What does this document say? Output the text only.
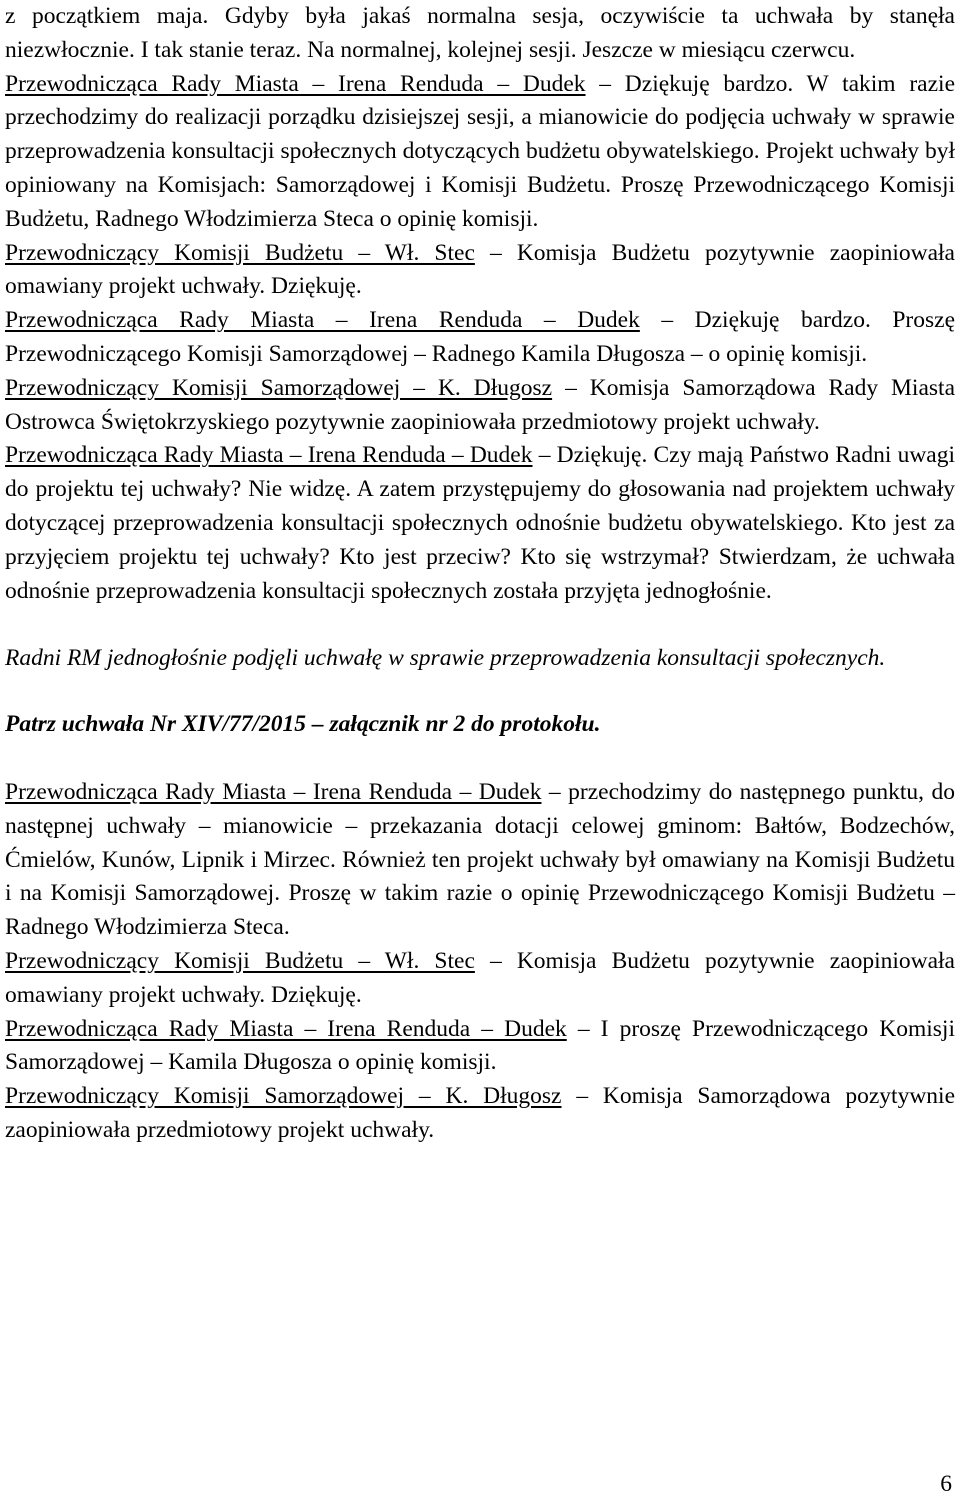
z początkiem maja. Gdyby była jakaś normalna sesja, oczywiście ta uchwała by stanęła niezwłocznie. I tak stanie teraz. Na normalnej, kolejnej sesji. Jeszcze w miesiącu czerwcu.

Przewodnicząca Rady Miasta – Irena Renduda – Dudek – Dziękuję bardzo. W takim razie przechodzimy do realizacji porządku dzisiejszej sesji, a mianowicie do podjęcia uchwały w sprawie przeprowadzenia konsultacji społecznych dotyczących budżetu obywatelskiego. Projekt uchwały był opiniowany na Komisjach: Samorządowej i Komisji Budżetu. Proszę Przewodniczącego Komisji Budżetu, Radnego Włodzimierza Steca o opinię komisji.

Przewodniczący Komisji Budżetu – Wł. Stec – Komisja Budżetu pozytywnie zaopiniowała omawiany projekt uchwały. Dziękuję.

Przewodnicząca Rady Miasta – Irena Renduda – Dudek – Dziękuję bardzo. Proszę Przewodniczącego Komisji Samorządowej – Radnego Kamila Długosza – o opinię komisji.

Przewodniczący Komisji Samorządowej – K. Długosz – Komisja Samorządowa Rady Miasta Ostrowca Świętokrzyskiego pozytywnie zaopiniowała przedmiotowy projekt uchwały.

Przewodnicząca Rady Miasta – Irena Renduda – Dudek – Dziękuję. Czy mają Państwo Radni uwagi do projektu tej uchwały? Nie widzę. A zatem przystępujemy do głosowania nad projektem uchwały dotyczącej przeprowadzenia konsultacji społecznych odnośnie budżetu obywatelskiego. Kto jest za przyjęciem projektu tej uchwały? Kto jest przeciw? Kto się wstrzymał? Stwierdzam, że uchwała odnośnie przeprowadzenia konsultacji społecznych została przyjęta jednogłośnie.

Radni RM jednogłośnie podjęli uchwałę w sprawie przeprowadzenia konsultacji społecznych.

Patrz uchwała Nr XIV/77/2015 – załącznik nr 2 do protokołu.

Przewodnicząca Rady Miasta – Irena Renduda – Dudek – przechodzimy do następnego punktu, do następnej uchwały – mianowicie – przekazania dotacji celowej gminom: Bałtów, Bodzechów, Ćmielów, Kunów, Lipnik i Mirzec. Również ten projekt uchwały był omawiany na Komisji Budżetu i na Komisji Samorządowej. Proszę w takim razie o opinię Przewodniczącego Komisji Budżetu – Radnego Włodzimierza Steca.

Przewodniczący Komisji Budżetu – Wł. Stec – Komisja Budżetu pozytywnie zaopiniowała omawiany projekt uchwały. Dziękuję.

Przewodnicząca Rady Miasta – Irena Renduda – Dudek – I proszę Przewodniczącego Komisji Samorządowej – Kamila Długosza o opinię komisji.

Przewodniczący Komisji Samorządowej – K. Długosz – Komisja Samorządowa pozytywnie zaopiniowała przedmiotowy projekt uchwały.

6
